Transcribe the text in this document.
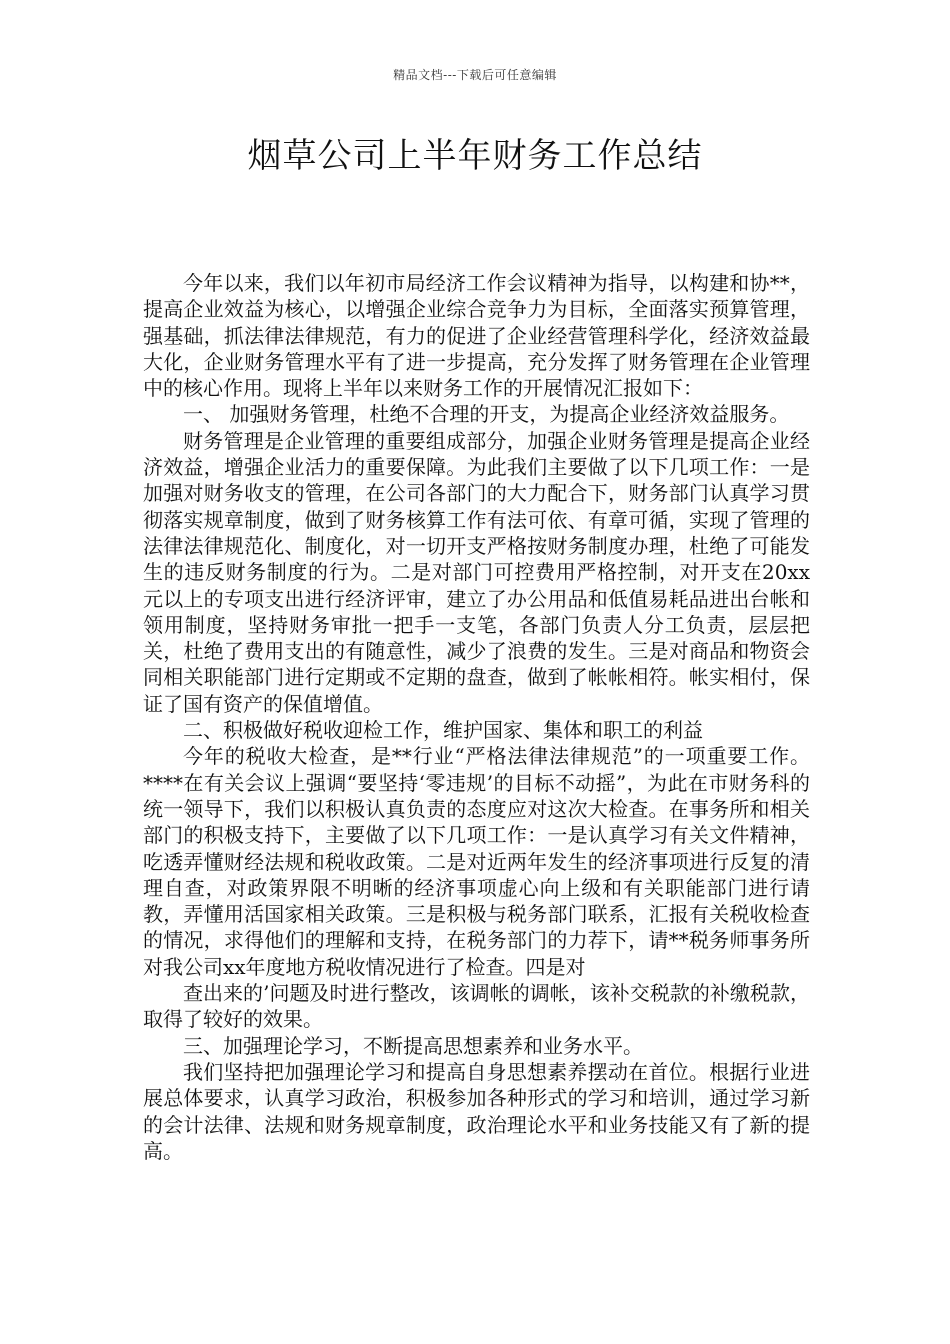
精品文档---下载后可任意编辑
烟草公司上半年财务工作总结

今年以来，我们以年初市局经济工作会议精神为指导，以构建和协**，提高企业效益为核心，以增强企业综合竞争力为目标，全面落实预算管理，强基础，抓法律法律规范，有力的促进了企业经营管理科学化，经济效益最大化，企业财务管理水平有了进一步提高，充分发挥了财务管理在企业管理中的核心作用。现将上半年以来财务工作的开展情况汇报如下：

一、 加强财务管理，杜绝不合理的开支，为提高企业经济效益服务。

财务管理是企业管理的重要组成部分，加强企业财务管理是提高企业经济效益，增强企业活力的重要保障。为此我们主要做了以下几项工作：一是加强对财务收支的管理，在公司各部门的大力配合下，财务部门认真学习贯彻落实规章制度，做到了财务核算工作有法可依、有章可循，实现了管理的法律法律规范化、制度化，对一切开支严格按财务制度办理，杜绝了可能发生的违反财务制度的行为。二是对部门可控费用严格控制，对开支在20xx元以上的专项支出进行经济评审，建立了办公用品和低值易耗品进出台帐和领用制度，坚持财务审批一把手一支笔，各部门负责人分工负责，层层把关，杜绝了费用支出的有随意性，减少了浪费的发生。三是对商品和物资会同相关职能部门进行定期或不定期的盘查，做到了帐帐相符。帐实相付，保证了国有资产的保值增值。

二、积极做好税收迎检工作，维护国家、集体和职工的利益

今年的税收大检查，是**行业“严格法律法律规范”的一项重要工作。****在有关会议上强调“要坚持‘零违规’的目标不动摇”，为此在市财务科的统一领导下，我们以积极认真负责的态度应对这次大检查。在事务所和相关部门的积极支持下，主要做了以下几项工作：一是认真学习有关文件精神，吃透弄懂财经法规和税收政策。二是对近两年发生的经济事项进行反复的清理自查，对政策界限不明晰的经济事项虚心向上级和有关职能部门进行请教，弄懂用活国家相关政策。三是积极与税务部门联系，汇报有关税收检查的情况，求得他们的理解和支持，在税务部门的力荐下，请**税务师事务所对我公司xx年度地方税收情况进行了检查。四是对

查出来的’问题及时进行整改，该调帐的调帐，该补交税款的补缴税款，取得了较好的效果。

三、加强理论学习，不断提高思想素养和业务水平。

我们坚持把加强理论学习和提高自身思想素养摆动在首位。根据行业进展总体要求，认真学习政治，积极参加各种形式的学习和培训，通过学习新的会计法律、法规和财务规章制度，政治理论水平和业务技能又有了新的提高。
